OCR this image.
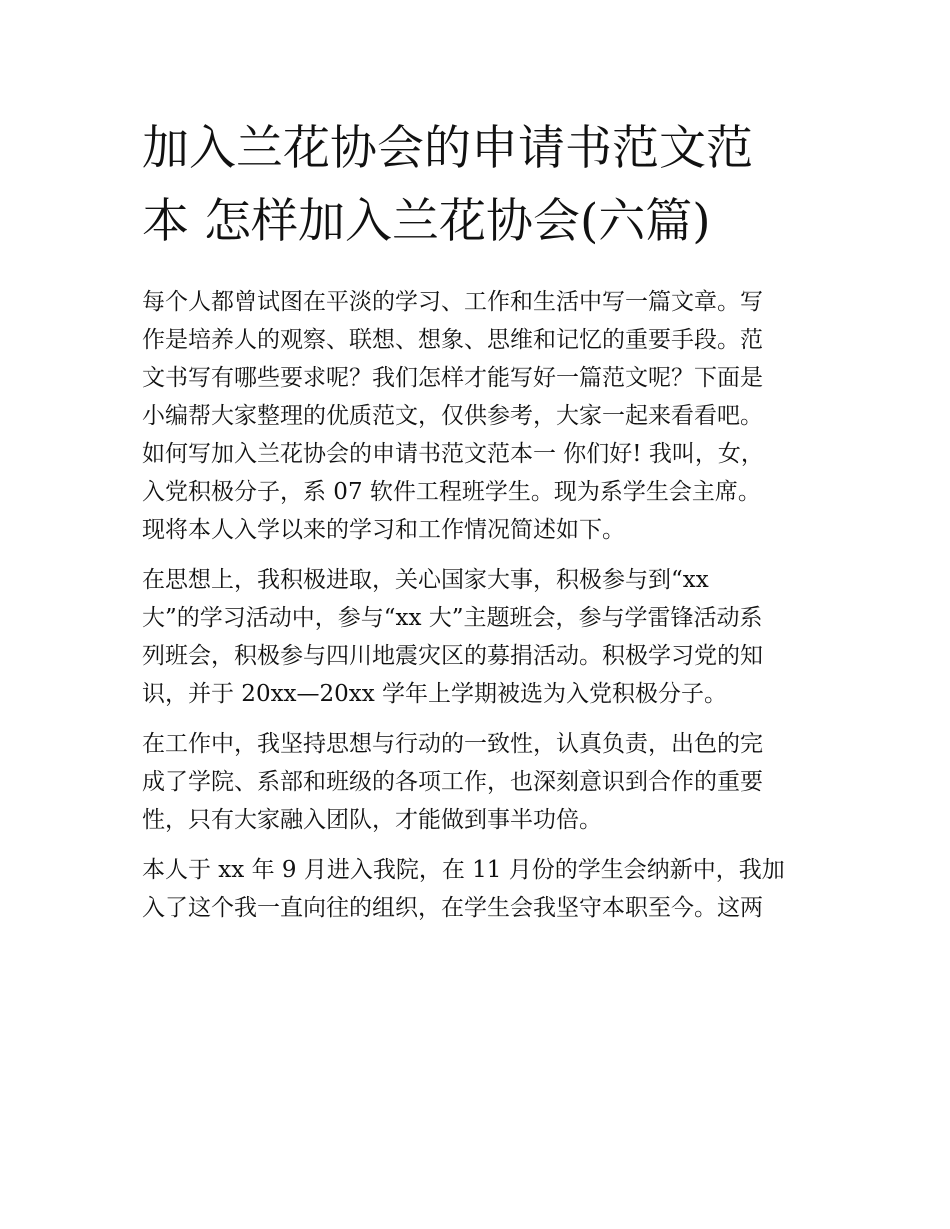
加入兰花协会的申请书范文范
本 怎样加入兰花协会(六篇)
每个人都曾试图在平淡的学习、工作和生活中写一篇文章。写
作是培养人的观察、联想、想象、思维和记忆的重要手段。范
文书写有哪些要求呢？我们怎样才能写好一篇范文呢？下面是
小编帮大家整理的优质范文，仅供参考，大家一起来看看吧。
如何写加入兰花协会的申请书范文范本一 你们好! 我叫，女，
入党积极分子，系 07 软件工程班学生。现为系学生会主席。
现将本人入学以来的学习和工作情况简述如下。
在思想上，我积极进取，关心国家大事，积极参与到“xx
大”的学习活动中，参与“xx 大”主题班会，参与学雷锋活动系
列班会，积极参与四川地震灾区的募捐活动。积极学习党的知
识，并于 20xx—20xx 学年上学期被选为入党积极分子。
在工作中，我坚持思想与行动的一致性，认真负责，出色的完
成了学院、系部和班级的各项工作，也深刻意识到合作的重要
性，只有大家融入团队，才能做到事半功倍。
本人于 xx 年 9 月进入我院，在 11 月份的学生会纳新中，我加
入了这个我一直向往的组织，在学生会我坚守本职至今。这两
